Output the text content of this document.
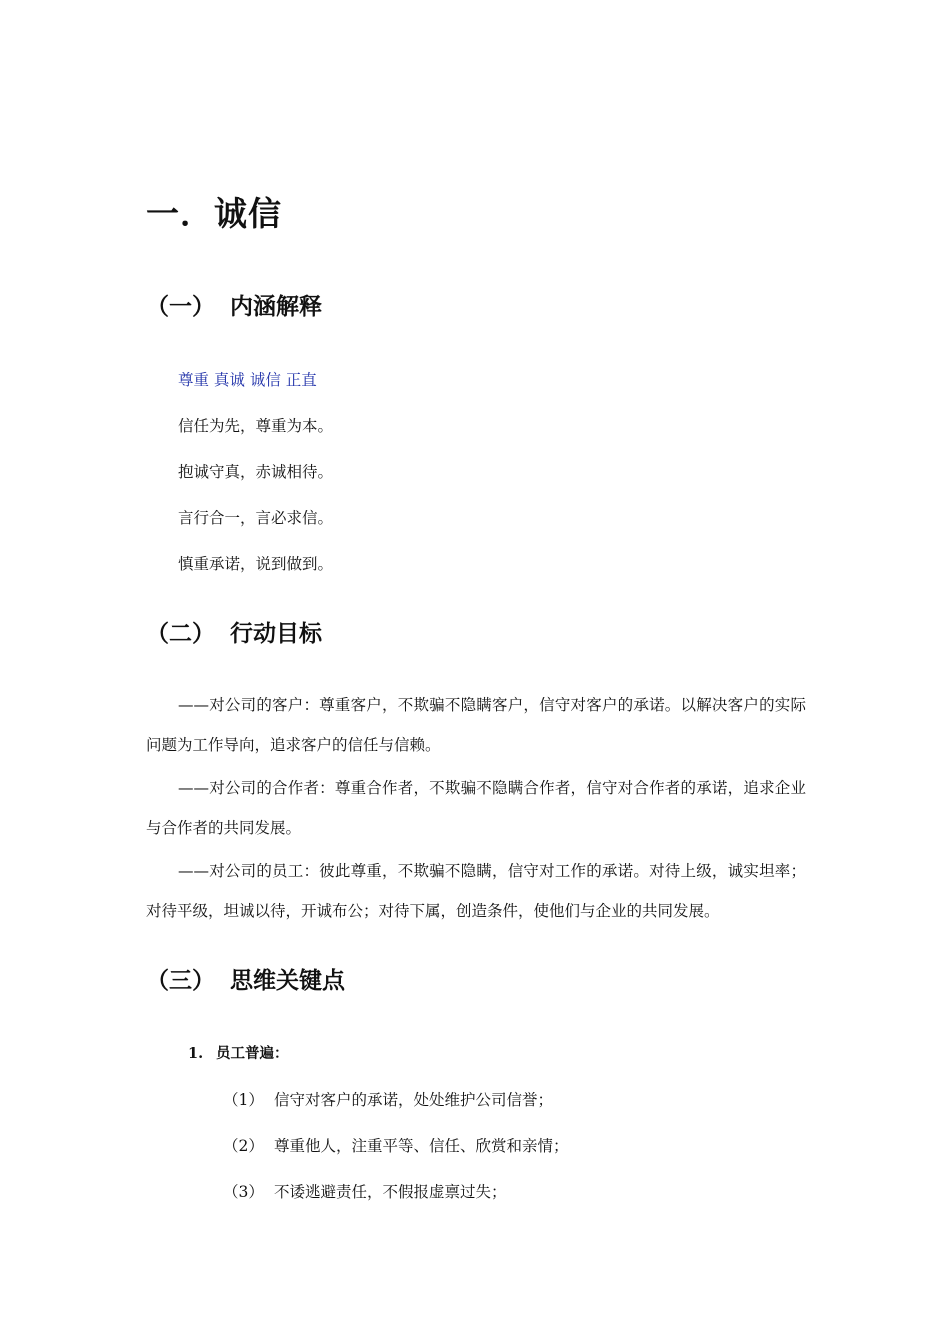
一．诚信
（一） 内涵解释
尊重 真诚 诚信 正直
信任为先，尊重为本。
抱诚守真，赤诚相待。
言行合一，言必求信。
慎重承诺，说到做到。
（二） 行动目标
——对公司的客户：尊重客户，不欺骗不隐瞒客户，信守对客户的承诺。以解决客户的实际问题为工作导向，追求客户的信任与信赖。
——对公司的合作者：尊重合作者，不欺骗不隐瞒合作者，信守对合作者的承诺，追求企业与合作者的共同发展。
——对公司的员工：彼此尊重，不欺骗不隐瞒，信守对工作的承诺。对待上级，诚实坦率；对待平级，坦诚以待，开诚布公；对待下属，创造条件，使他们与企业的共同发展。
（三） 思维关键点
1. 员工普遍：
（1） 信守对客户的承诺，处处维护公司信誉；
（2） 尊重他人，注重平等、信任、欣赏和亲情；
（3） 不诿逃避责任，不假报虚禀过失；
